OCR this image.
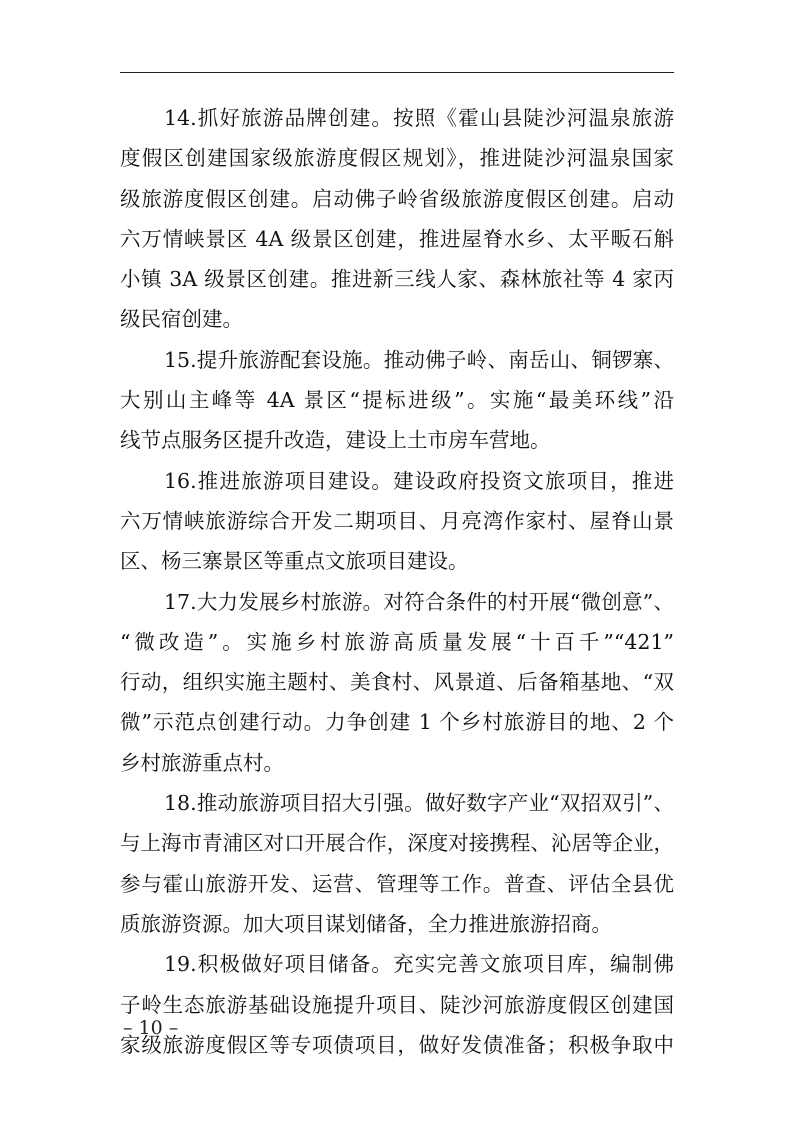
14.抓好旅游品牌创建。按照《霍山县陡沙河温泉旅游
度假区创建国家级旅游度假区规划》，推进陡沙河温泉国家
级旅游度假区创建。启动佛子岭省级旅游度假区创建。启动
六万情峡景区 4A 级景区创建，推进屋脊水乡、太平畈石斛
小镇 3A 级景区创建。推进新三线人家、森林旅社等 4 家丙
级民宿创建。
15.提升旅游配套设施。推动佛子岭、南岳山、铜锣寨、
大别山主峰等 4A 景区“提标进级”。实施“最美环线”沿
线节点服务区提升改造，建设上土市房车营地。
16.推进旅游项目建设。建设政府投资文旅项目，推进
六万情峡旅游综合开发二期项目、月亮湾作家村、屋脊山景
区、杨三寨景区等重点文旅项目建设。
17.大力发展乡村旅游。对符合条件的村开展“微创意”、
“微改造”。实施乡村旅游高质量发展“十百千”“421”
行动，组织实施主题村、美食村、风景道、后备箱基地、“双
微”示范点创建行动。力争创建 1 个乡村旅游目的地、2 个
乡村旅游重点村。
18.推动旅游项目招大引强。做好数字产业“双招双引”、
与上海市青浦区对口开展合作，深度对接携程、沁居等企业，
参与霍山旅游开发、运营、管理等工作。普查、评估全县优
质旅游资源。加大项目谋划储备，全力推进旅游招商。
19.积极做好项目储备。充实完善文旅项目库，编制佛
子岭生态旅游基础设施提升项目、陡沙河旅游度假区创建国
家级旅游度假区等专项债项目，做好发债准备；积极争取中
– 10 –
